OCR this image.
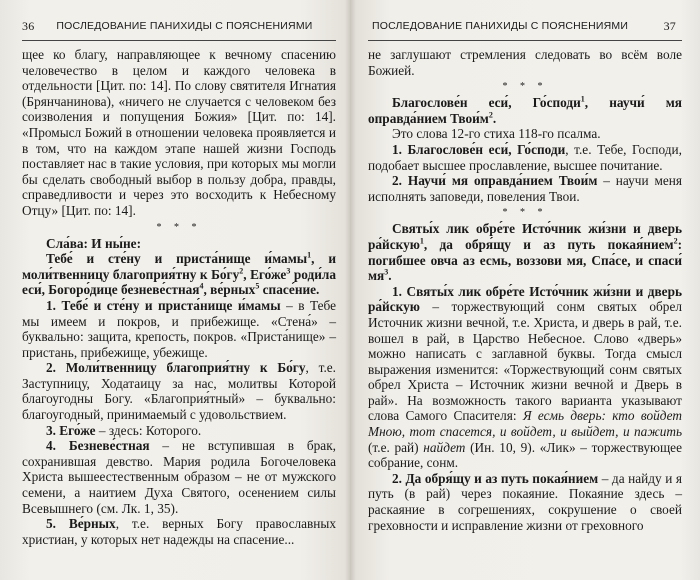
36 ПОСЛЕДОВАНИЕ ПАНИХИДЫ С ПОЯСНЕНИЯМИ

щее ко благу, направляющее к вечному спасению человечество в целом и каждого человека в отдельности [Цит. по: 14]. По слову святителя Игнатия (Брянчанинова), «ничего не случается с человеком без соизволения и попущения Божия» [Цит. по: 14]. «Промысл Божий в отношении человека проявляется и в том, что на каждом этапе нашей жизни Господь поставляет нас в такие условия, при которых мы могли бы сделать свободный выбор в пользу добра, правды, справедливости и через это восходить к Небесному Отцу» [Цит. по: 14].

* * *

Сла́ва: И ны́не:

Тебе́ и сте́ну и приста́нище и́мамы$^1$, и моли́твенницу благоприя́тну к $Бо́гу^2$, $Его́же^3$ роди́ла еси́, Богоро́дице безневе́стная$^4$, ве́рных$^5$ спасе́ние.

1. Тебе́ и сте́ну и приста́нище и́мамы – в Тебе мы имеем и покров, и прибежище. «Стена́» – буквально: защита, крепость, покров. «Приста́нище» – пристань, прибежище, убежище.

2. Моли́твенницу благоприя́тну к Бо́гу, т.е. Заступницу, Ходатаицу за нас, молитвы Которой благоугодны Богу. «Благоприя́тный» – буквально: благоугодный, принимаемый с удовольствием.

3. Его́же – здесь: Которого.

4. Безневе́стная – не вступившая в брак, сохранившая девство. Мария родила Богочеловека Христа вышеестественным образом – не от мужского семени, а наитием Духа Святого, осенением силы Всевышнего (см. Лк. 1, 35).

5. Ве́рных, т.е. верных Богу православных христиан, у которых нет надежды на спасение...

ПОСЛЕДОВАНИЕ ПАНИХИДЫ С ПОЯСНЕНИЯМИ	37

не заглушают стремления следовать во всём воле Божией.

* * *

Благослове́н еси́, Го́споди$^1$, научи́ мя оправда́нием $Твои́м^2$.

Это слова 12-го стиха 118-го псалма.

1. Благослове́н еси́, Го́споди, т.е. Тебе, Господи, подобает высшее прославление, высшее почитание.

2. Научи́ мя оправда́нием Твои́м – научи меня исполнять заповеди, повеления Твои.

* * *

Святы́х лик обре́те Исто́чник жи́зни и дверь ра́йскую$^1$, да обря́щу и аз путь покая́нием$^2$: погибшее овча аз есмь, воззови мя, Спа́се, и спаси́ $мя^3$.

1. Святы́х лик обре́те Исто́чник жи́зни и дверь ра́йскую – торжествующий сонм святых обрел Источник жизни вечной, т.е. Христа, и дверь в рай, т.е. вошел в рай, в Царство Небесное. Слово «дверь» можно написать с заглавной буквы. Тогда смысл выражения изменится: «Торжествующий сонм святых обрел Христа – Источник жизни вечной и Дверь в рай». На возможность такого варианта указывают слова Самого Спасителя: Я есмь дверь: кто войдет Мною, тот спасется, и войдет, и выйдет, и пажить (т.е. рай) найдет (Ин. 10, 9). «Лик» – торжествующее собрание, сонм.

2. Да обря́щу и аз путь покая́нием – да найду и я путь (в рай) через покаяние. Покаяние здесь – раскаяние в согрешениях, сокрушение о своей греховности и исправление жизни от греховного
